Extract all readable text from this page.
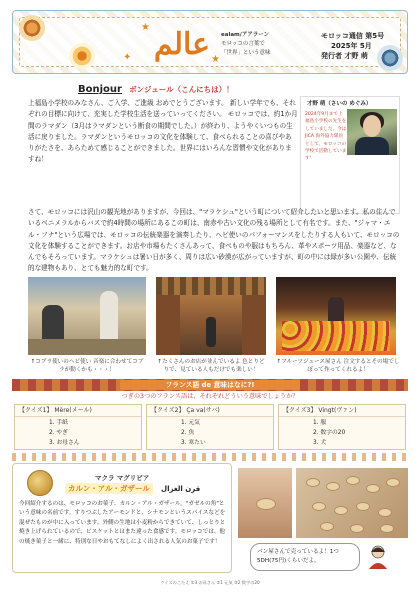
★
★
✦ عالم ealam/アアラーン
モロッコの言葉で
「世界」という意味
モロッコ通信 第5号
2025年 5月
発行者 才野 萌
Bonjour ボンジュール（こんにちは）！
上福島小学校のみなさん、ご入学、ご進級 おめでとうございます。 新しい学年でも、それぞれの目標に向けて、充実した学校生活を送っていってください。 モロッコでは、約1か月間のラマダン（3月はラマダンという断食の期間でした。）が終わり、ようやくいつもの生活に戻りました。ラマダンというモロッコの文化を体験して、食べられることの喜びやありがたさを、あらためて感じることができました。世界にはいろんな習慣や文化がありますね！
才野 萌（さいの めぐみ）
2024年9月まで上福島小学校の先生をしていました。今は JICA 海外協力隊員として、モロッコの学校で活動しています！
さて、モロッコには沢山の観光地がありますが、今回は、"マラケシュ"という町について紹介したいと思います。私の住んでいるベニメラルからバスで約4時間の場所にあるこの町は、南赤や古い文化の残る場所として有名です。また、"ジャマ・エル・フナ"という広場では、モロッコの伝統楽器を演奏したり、ヘビ使いのパフォーマンスをしたりする人もいて、モロッコの文化を体験することができます。お店や市場もたくさんあって、食べものや服はもちろん、革やスポーツ用品、楽器など、なんでもそろっています。マラケシュは暑い日が多く、周りは広い砂漠が広がっていますが、町の中には緑が多い公園や、伝統的な建物もあり、とても魅力的な町です。
↑コブラ使いのヘビ使い 音楽に合わせてコブラが動くかも・・・！
↑たくさんのお店が並んでいるよ 色とりどりで、見ている人もだけでも楽しい！
↑フルーツジュース屋さん 注文するとその場でしぼって作ってくれるよ！
フランス語 de 意味はなに?!
つぎの3つのフランス語は、それぞれどういう意味でしょうか？
【クイズ1】 Mère(メール)
1. 手紙
2. やぎ
3. お母さん
【クイズ2】 Ça va(サバ)
1. 元気
2. 魚
3. 寒たい
【クイズ3】 Vingt(ヴァン)
1. 服
2. 数字の20
3. 犬
マクラ マグリビア
カルン・アル・ガザール	قرن الغزال
今回紹介するのは、モロッコのお菓子、カルン・アル・ガザール。"ガゼルの角"という意味の名前です。すりつぶしたアーモンドと、シナモンというスパイスなどを混ぜたものが中に入っています。外側の生地は小麦粉からできていて、しっとりと焼き上げられているので、ビスケットとはまた違った食感です。モロッコでは、他の焼き菓子と一緒に、特別な日やおもてなしによく出される人気のお菓子です！
パン屋さんで売っているよ！1つ5DH(75円)くらいだよ。
クイズのこたえ ①3 お母さん ②1 元気 ③2 数字の20
